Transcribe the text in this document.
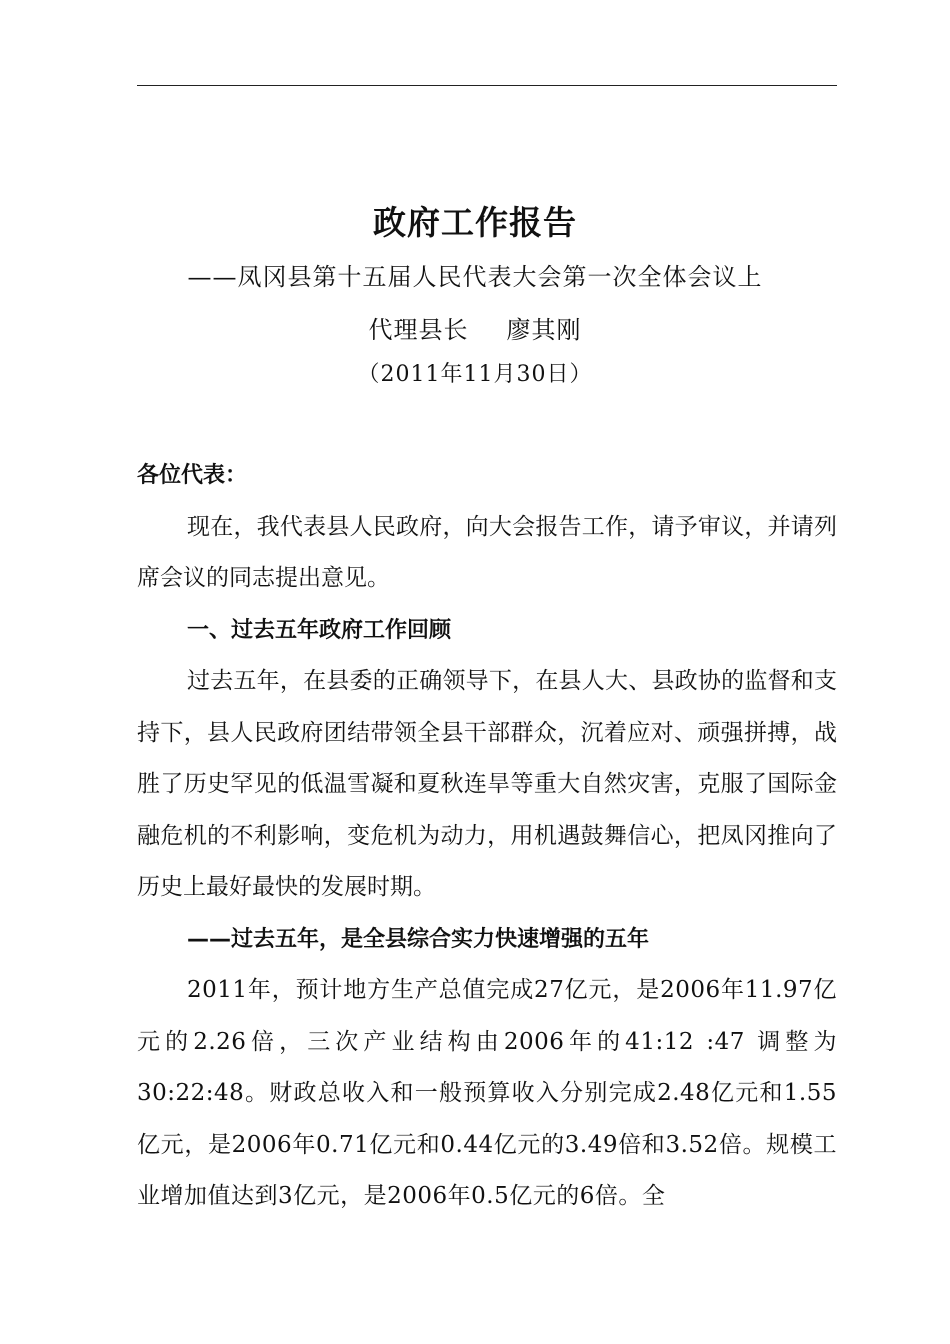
政府工作报告
——凤冈县第十五届人民代表大会第一次全体会议上
代理县长 廖其刚
（2011年11月30日）

各位代表：

现在，我代表县人民政府，向大会报告工作，请予审议，并请列席会议的同志提出意见。

一、过去五年政府工作回顾

过去五年，在县委的正确领导下，在县人大、县政协的监督和支持下，县人民政府团结带领全县干部群众，沉着应对、顽强拼搏，战胜了历史罕见的低温雪凝和夏秋连旱等重大自然灾害，克服了国际金融危机的不利影响，变危机为动力，用机遇鼓舞信心，把凤冈推向了历史上最好最快的发展时期。

——过去五年，是全县综合实力快速增强的五年

2011年，预计地方生产总值完成27亿元，是2006年11.97亿元的2.26倍，三次产业结构由2006年的41:12 :47 调整为30:22:48。财政总收入和一般预算收入分别完成2.48亿元和1.55亿元，是2006年0.71亿元和0.44亿元的3.49倍和3.52倍。规模工业增加值达到3亿元，是2006年0.5亿元的6倍。全
